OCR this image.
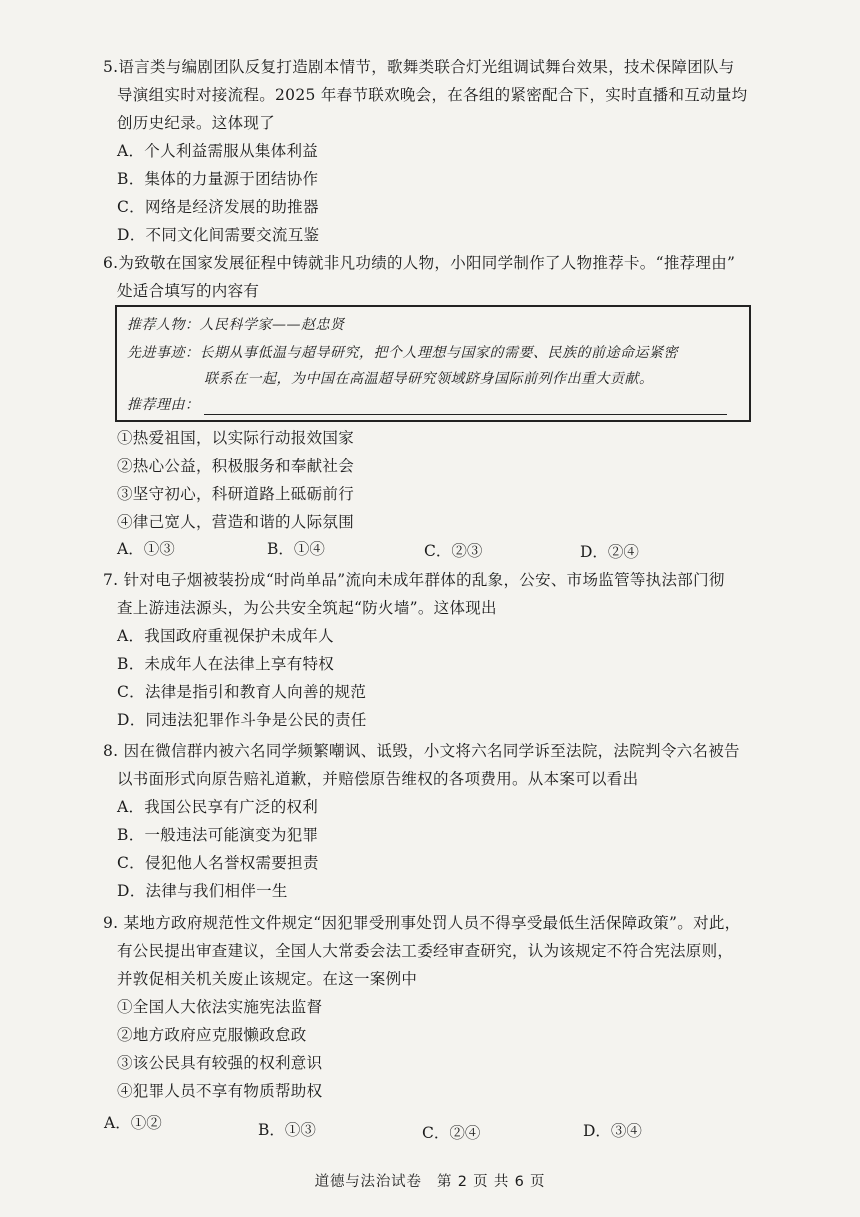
5.语言类与编剧团队反复打造剧本情节，歌舞类联合灯光组调试舞台效果，技术保障团队与
导演组实时对接流程。2025 年春节联欢晚会，在各组的紧密配合下，实时直播和互动量均
创历史纪录。这体现了
A．个人利益需服从集体利益
B．集体的力量源于团结协作
C．网络是经济发展的助推器
D．不同文化间需要交流互鉴
6.为致敬在国家发展征程中铸就非凡功绩的人物，小阳同学制作了人物推荐卡。“推荐理由”
处适合填写的内容有
推荐人物：人民科学家——赵忠贤
先进事迹：长期从事低温与超导研究，把个人理想与国家的需要、民族的前途命运紧密
联系在一起，为中国在高温超导研究领域跻身国际前列作出重大贡献。
推荐理由：
①热爱祖国，以实际行动报效国家
②热心公益，积极服务和奉献社会
③坚守初心，科研道路上砥砺前行
④律己宽人，营造和谐的人际氛围
A．①③	B．①④	C．②③	D．②④
7. 针对电子烟被装扮成“时尚单品”流向未成年群体的乱象，公安、市场监管等执法部门彻
查上游违法源头，为公共安全筑起“防火墙”。这体现出
A．我国政府重视保护未成年人
B．未成年人在法律上享有特权
C．法律是指引和教育人向善的规范
D．同违法犯罪作斗争是公民的责任
8. 因在微信群内被六名同学频繁嘲讽、诋毁，小文将六名同学诉至法院，法院判令六名被告
以书面形式向原告赔礼道歉，并赔偿原告维权的各项费用。从本案可以看出
A．我国公民享有广泛的权利
B．一般违法可能演变为犯罪
C．侵犯他人名誉权需要担责
D．法律与我们相伴一生
9. 某地方政府规范性文件规定“因犯罪受刑事处罚人员不得享受最低生活保障政策”。对此，
有公民提出审查建议，全国人大常委会法工委经审查研究，认为该规定不符合宪法原则，
并敦促相关机关废止该规定。在这一案例中
①全国人大依法实施宪法监督
②地方政府应克服懒政怠政
③该公民具有较强的权利意识
④犯罪人员不享有物质帮助权
A．①②	B．①③	C．②④	D．③④
道德与法治试卷　第 2 页 共 6 页
